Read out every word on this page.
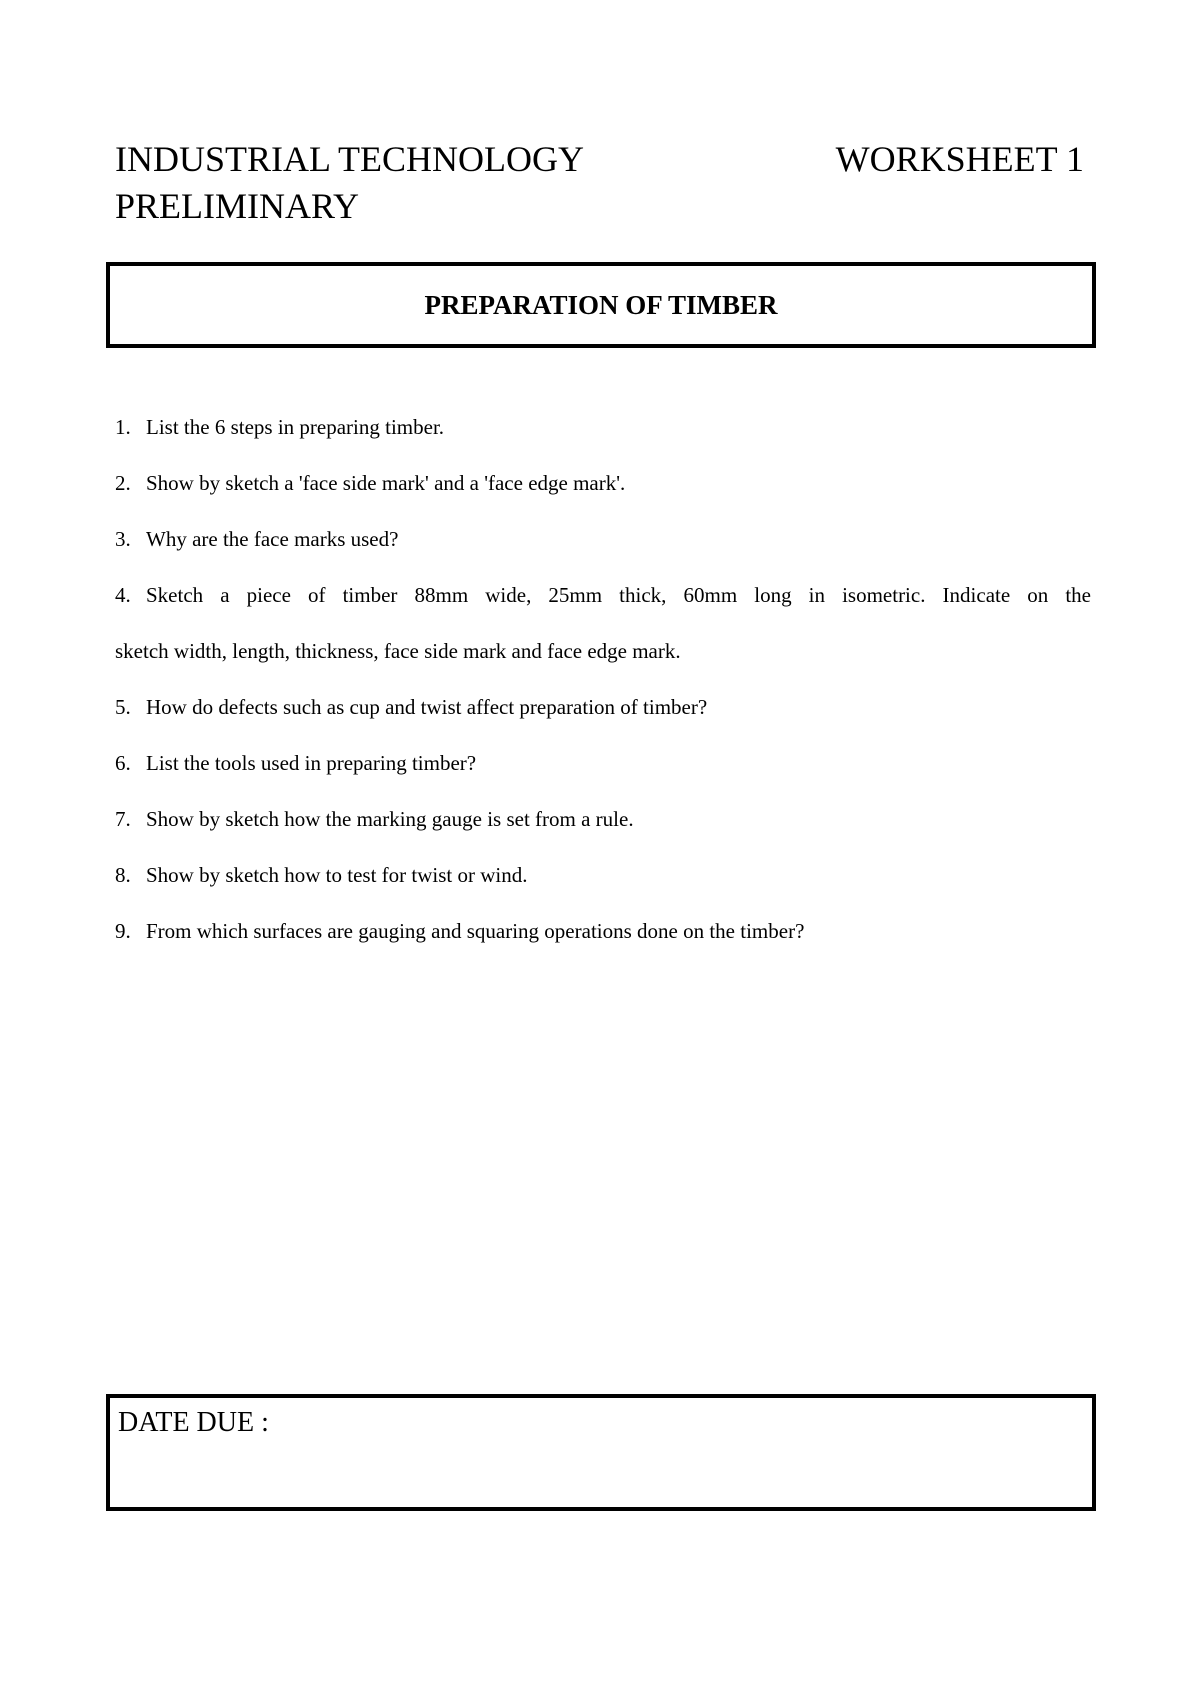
INDUSTRIAL TECHNOLOGY
PRELIMINARY
WORKSHEET 1
PREPARATION OF TIMBER
1. List the 6 steps in preparing timber.
2. Show by sketch a 'face side mark' and a 'face edge mark'.
3. Why are the face marks used?
4. Sketch a piece of timber 88mm wide, 25mm thick, 60mm long in isometric. Indicate on the
sketch width, length, thickness, face side mark and face edge mark.
5. How do defects such as cup and twist affect preparation of timber?
6. List the tools used in preparing timber?
7. Show by sketch how the marking gauge is set from a rule.
8. Show by sketch how to test for twist or wind.
9. From which surfaces are gauging and squaring operations done on the timber?
DATE DUE :
